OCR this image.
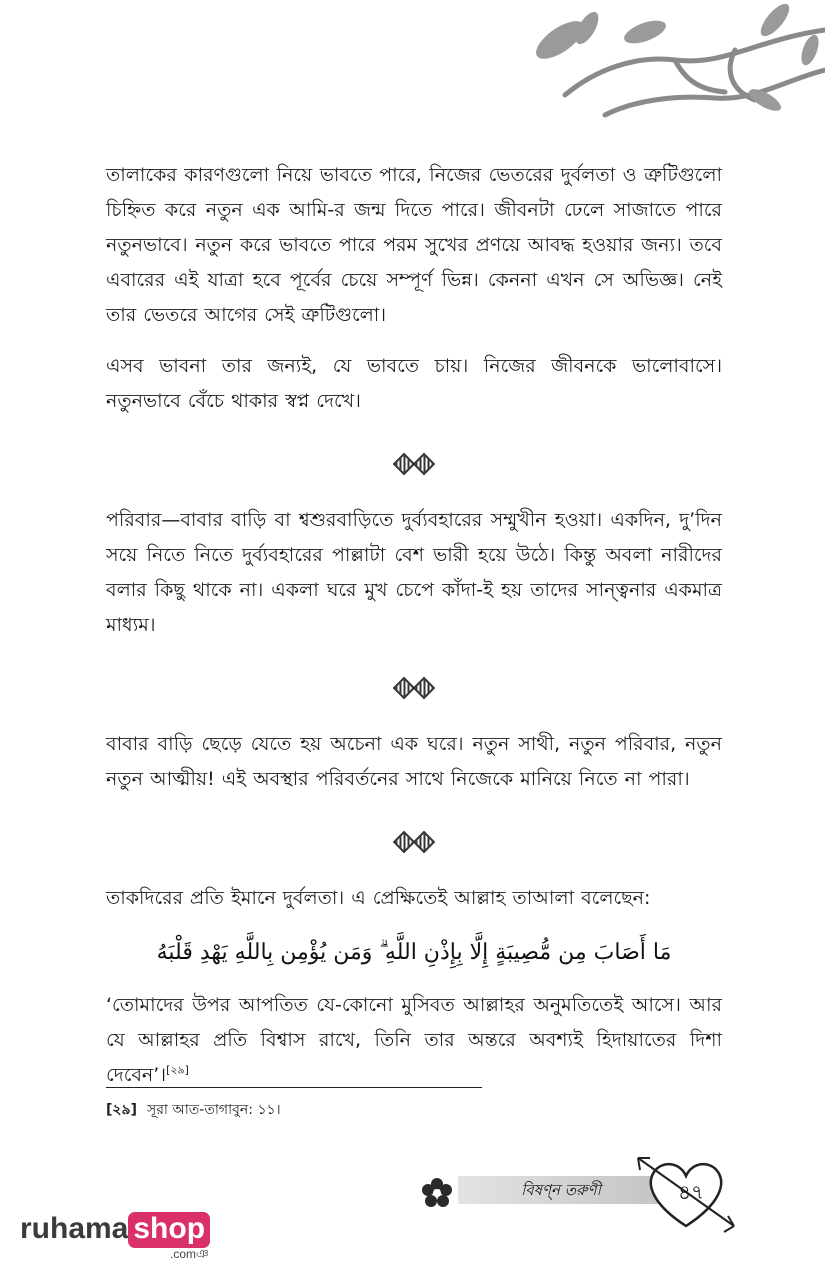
তালাকের কারণগুলো নিয়ে ভাবতে পারে, নিজের ভেতরের দুর্বলতা ও ত্রুটিগুলো চিহ্নিত করে নতুন এক আমি-র জন্ম দিতে পারে। জীবনটা ঢেলে সাজাতে পারে নতুনভাবে। নতুন করে ভাবতে পারে পরম সুখের প্রণয়ে আবদ্ধ হওয়ার জন্য। তবে এবারের এই যাত্রা হবে পূর্বের চেয়ে সম্পূর্ণ ভিন্ন। কেননা এখন সে অভিজ্ঞ। নেই তার ভেতরে আগের সেই ত্রুটিগুলো।

এসব ভাবনা তার জন্যই, যে ভাবতে চায়। নিজের জীবনকে ভালোবাসে। নতুনভাবে বেঁচে থাকার স্বপ্ন দেখে।

পরিবার—বাবার বাড়ি বা শ্বশুরবাড়িতে দুর্ব্যবহারের সম্মুখীন হওয়া। একদিন, দু’দিন সয়ে নিতে নিতে দুর্ব্যবহারের পাল্লাটা বেশ ভারী হয়ে উঠে। কিন্তু অবলা নারীদের বলার কিছু থাকে না। একলা ঘরে মুখ চেপে কাঁদা-ই হয় তাদের সান্ত্বনার একমাত্র মাধ্যম।

বাবার বাড়ি ছেড়ে যেতে হয় অচেনা এক ঘরে। নতুন সাথী, নতুন পরিবার, নতুন নতুন আত্মীয়! এই অবস্থার পরিবর্তনের সাথে নিজেকে মানিয়ে নিতে না পারা।

তাকদিরের প্রতি ইমানে দুর্বলতা। এ প্রেক্ষিতেই আল্লাহ তাআলা বলেছেন:

مَا أَصَابَ مِن مُّصِيبَةٍ إِلَّا بِإِذْنِ اللَّهِ ۗ وَمَن يُؤْمِن بِاللَّهِ يَهْدِ قَلْبَهُ

‘তোমাদের উপর আপতিত যে-কোনো মুসিবত আল্লাহর অনুমতিতেই আসে। আর যে আল্লাহর প্রতি বিশ্বাস রাখে, তিনি তার অন্তরে অবশ্যই হিদায়াতের দিশা দেবেন’।[২৯]

[২৯] সূরা আত-তাগাবুন: ১১।
বিষণ্ন তরুণী	৪৭
ruhama shop
.comঞ
